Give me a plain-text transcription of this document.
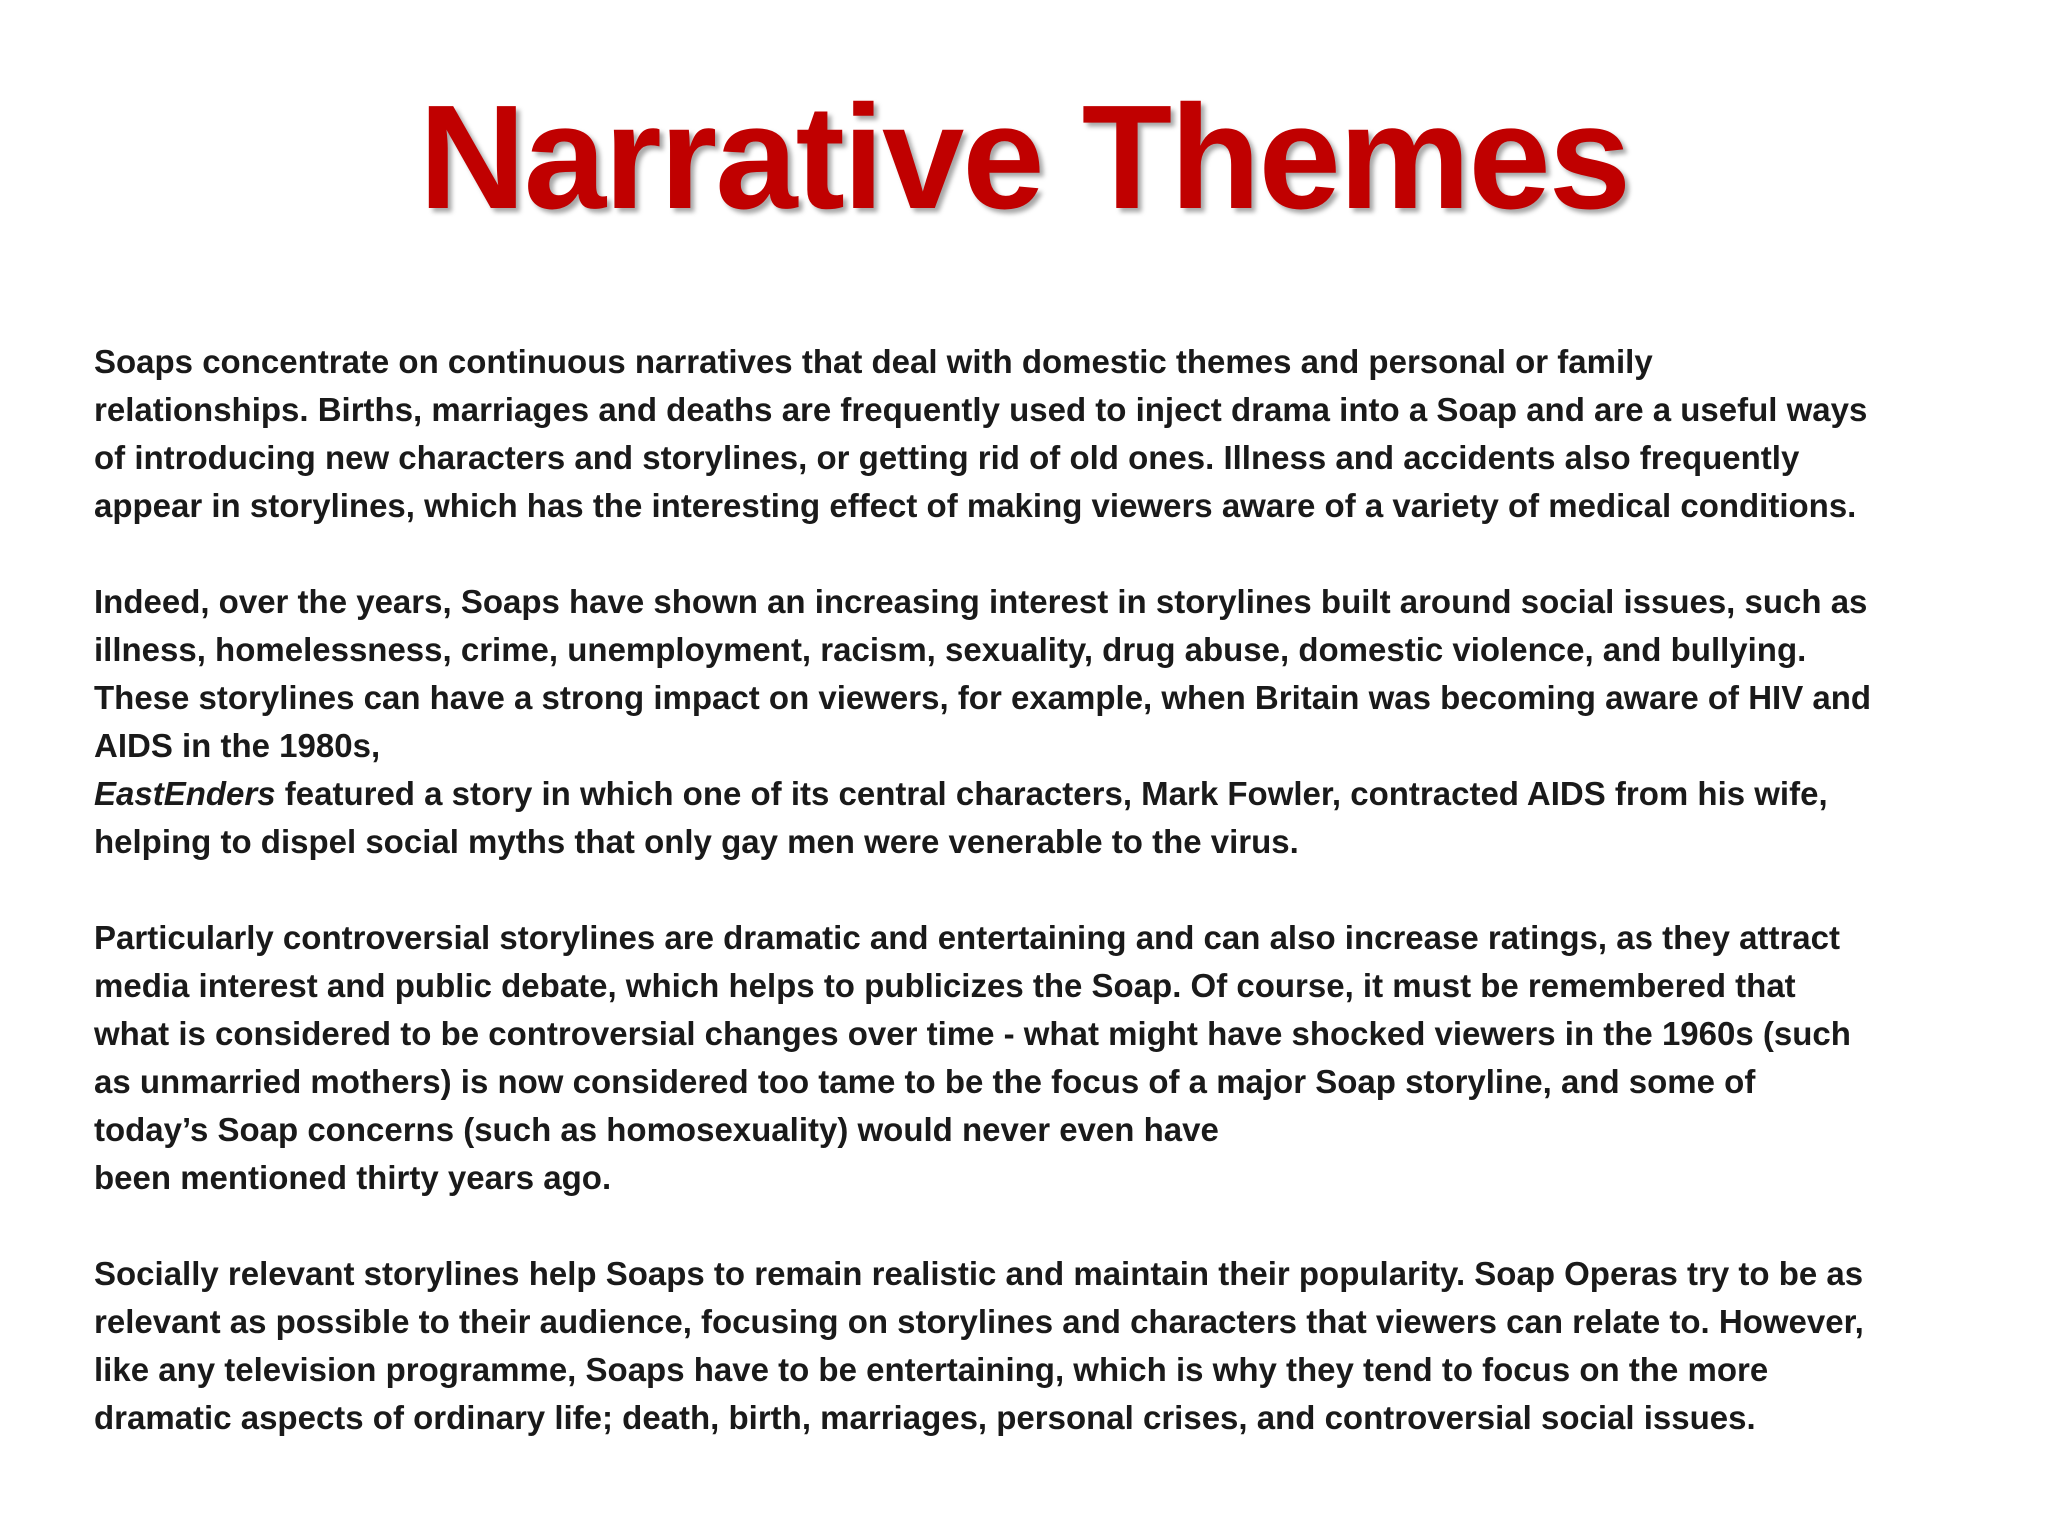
Narrative Themes
Soaps concentrate on continuous narratives that deal with domestic themes and personal or family
relationships. Births, marriages and deaths are frequently used to inject drama into a Soap and are a useful ways
of introducing new characters and storylines, or getting rid of old ones. Illness and accidents also frequently
appear in storylines, which has the interesting effect of making viewers aware of a variety of medical conditions.
Indeed, over the years, Soaps have shown an increasing interest in storylines built around social issues, such as
illness, homelessness, crime, unemployment, racism, sexuality, drug abuse, domestic violence, and bullying.
These storylines can have a strong impact on viewers, for example, when Britain was becoming aware of HIV and
AIDS in the 1980s,
EastEnders featured a story in which one of its central characters, Mark Fowler, contracted AIDS from his wife,
helping to dispel social myths that only gay men were venerable to the virus.
Particularly controversial storylines are dramatic and entertaining and can also increase ratings, as they attract
media interest and public debate, which helps to publicizes the Soap. Of course, it must be remembered that
what is considered to be controversial changes over time - what might have shocked viewers in the 1960s (such
as unmarried mothers) is now considered too tame to be the focus of a major Soap storyline, and some of
today’s Soap concerns (such as homosexuality) would never even have
been mentioned thirty years ago.
Socially relevant storylines help Soaps to remain realistic and maintain their popularity. Soap Operas try to be as
relevant as possible to their audience, focusing on storylines and characters that viewers can relate to. However,
like any television programme, Soaps have to be entertaining, which is why they tend to focus on the more
dramatic aspects of ordinary life; death, birth, marriages, personal crises, and controversial social issues.
